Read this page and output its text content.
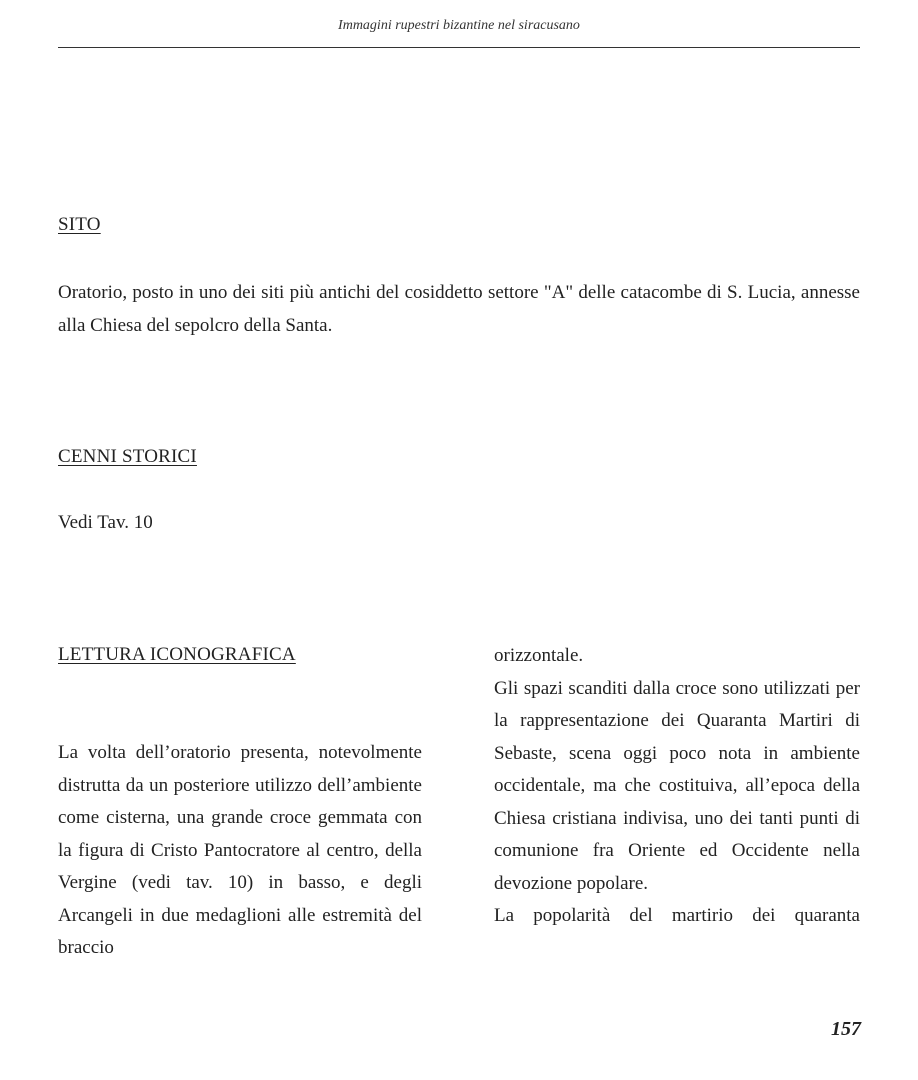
Immagini rupestri bizantine nel siracusano
SITO

Oratorio, posto in uno dei siti più antichi del cosiddetto settore "A" delle catacombe di S. Lucia, annesse alla Chiesa del sepolcro della Santa.

CENNI STORICI

Vedi Tav. 10

LETTURA ICONOGRAFICA

La volta dell’oratorio presenta, notevolmente distrutta da un posteriore utilizzo dell’ambiente come cisterna, una grande croce gemmata con la figura di Cristo Pantocratore al centro, della Vergine (vedi tav. 10) in basso, e degli Arcangeli in due medaglioni alle estremità del braccio

orizzontale.

Gli spazi scanditi dalla croce sono utilizzati per la rappresentazione dei Quaranta Martiri di Sebaste, scena oggi poco nota in ambiente occidentale, ma che costituiva, all’epoca della Chiesa cristiana indivisa, uno dei tanti punti di comunione fra Oriente ed Occidente nella devozione popolare.

La popolarità del martirio dei quaranta

157
